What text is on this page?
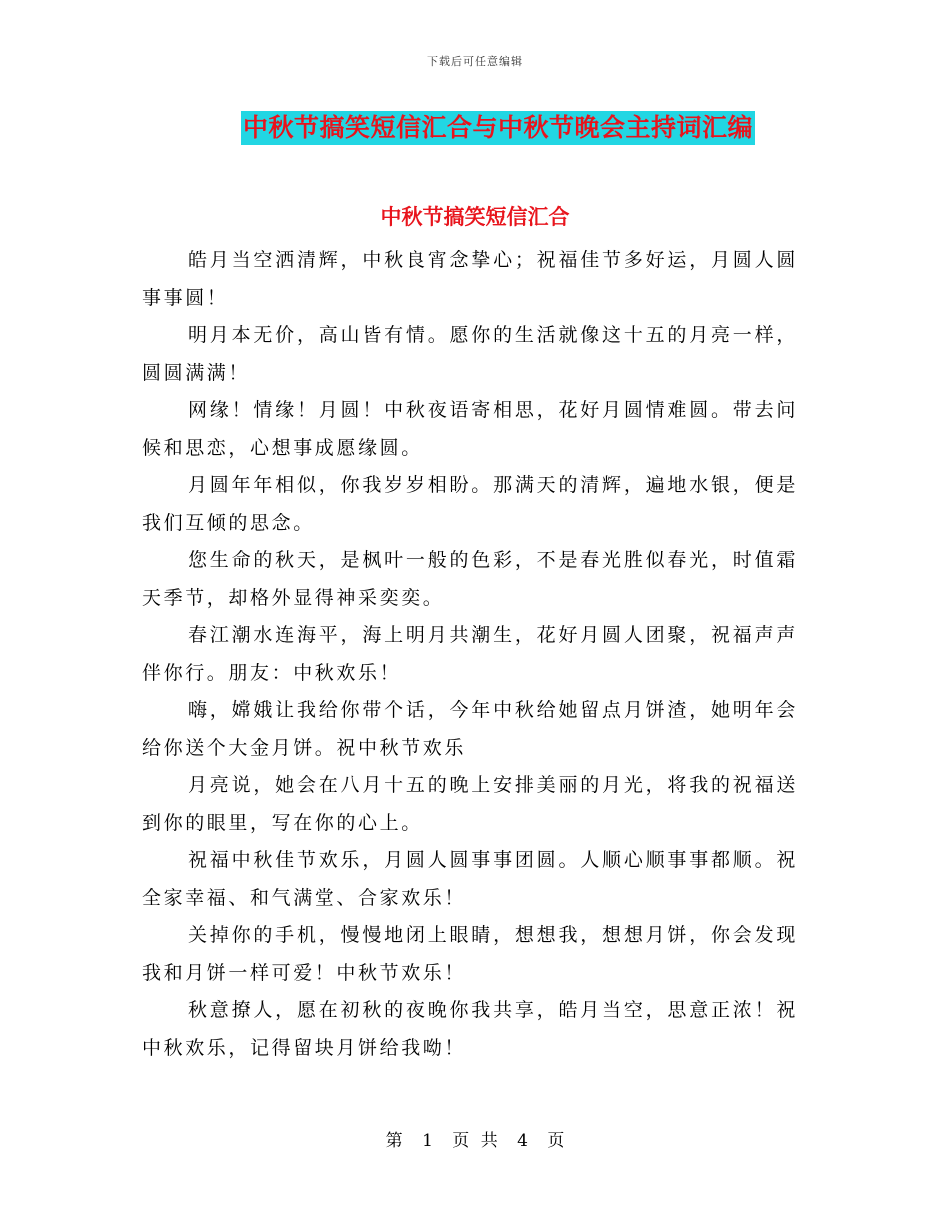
下载后可任意编辑
中秋节搞笑短信汇合与中秋节晚会主持词汇编
中秋节搞笑短信汇合

皓月当空洒清辉，中秋良宵念挚心；祝福佳节多好运，月圆人圆事事圆！

明月本无价，高山皆有情。愿你的生活就像这十五的月亮一样，圆圆满满！

网缘！情缘！月圆！中秋夜语寄相思，花好月圆情难圆。带去问候和思恋，心想事成愿缘圆。

月圆年年相似，你我岁岁相盼。那满天的清辉，遍地水银，便是我们互倾的思念。

您生命的秋天，是枫叶一般的色彩，不是春光胜似春光，时值霜天季节，却格外显得神采奕奕。

春江潮水连海平，海上明月共潮生，花好月圆人团聚，祝福声声伴你行。朋友：中秋欢乐！

嗨，嫦娥让我给你带个话，今年中秋给她留点月饼渣，她明年会给你送个大金月饼。祝中秋节欢乐

月亮说，她会在八月十五的晚上安排美丽的月光，将我的祝福送到你的眼里，写在你的心上。

祝福中秋佳节欢乐，月圆人圆事事团圆。人顺心顺事事都顺。祝全家幸福、和气满堂、合家欢乐！

关掉你的手机，慢慢地闭上眼睛，想想我，想想月饼，你会发现我和月饼一样可爱！中秋节欢乐！

秋意撩人，愿在初秋的夜晚你我共享，皓月当空，思意正浓！祝中秋欢乐，记得留块月饼给我呦！

第 1 页 共 4 页
